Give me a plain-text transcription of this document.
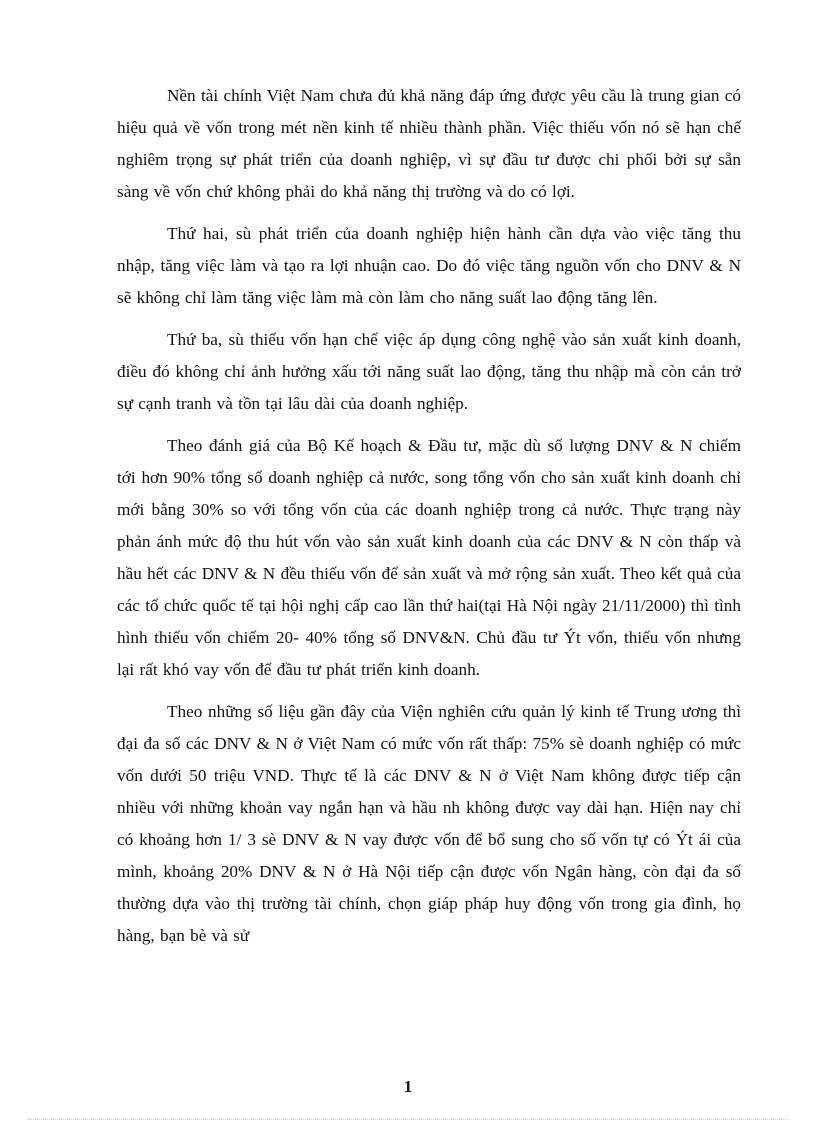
Nền tài chính Việt Nam chưa đủ khả năng đáp ứng được yêu cầu là trung gian có hiệu quả về vốn trong mét nền kinh tế nhiều thành phần. Việc thiếu vốn nó sẽ hạn chế nghiêm trọng sự phát triển của doanh nghiệp, vì sự đầu tư được chi phối bởi sự sẵn sàng về vốn chứ không phải do khả năng thị trường và do có lợi.

Thứ hai, sù phát triển của doanh nghiệp hiện hành cần dựa vào việc tăng thu nhập, tăng việc làm và tạo ra lợi nhuận cao. Do đó việc tăng nguồn vốn cho DNV & N sẽ không chỉ làm tăng việc làm mà còn làm cho năng suất lao động tăng lên.

Thứ ba, sù thiếu vốn hạn chế việc áp dụng công nghệ vào sản xuất kinh doanh, điều đó không chỉ ảnh hưởng xấu tới năng suất lao động, tăng thu nhập mà còn cản trở sự cạnh tranh và tồn tại lâu dài của doanh nghiệp.

Theo đánh giá của Bộ Kế hoạch & Đầu tư, mặc dù số lượng DNV & N chiếm tới hơn 90% tổng số doanh nghiệp cả nước, song tổng vốn cho sản xuất kinh doanh chỉ mới bằng 30% so với tổng vốn của các doanh nghiệp trong cả nước. Thực trạng này phản ánh mức độ thu hút vốn vào sản xuất kinh doanh của các DNV & N còn thấp và hầu hết các DNV & N đều thiếu vốn để sản xuất và mở rộng sản xuất. Theo kết quả của các tổ chức quốc tế tại hội nghị cấp cao lần thứ hai(tại Hà Nội ngày 21/11/2000) thì tình hình thiếu vốn chiếm 20- 40% tổng số DNV&N. Chủ đầu tư Ýt vốn, thiếu vốn nhưng lại rất khó vay vốn để đầu tư phát triển kinh doanh.

Theo những số liệu gần đây của Viện nghiên cứu quản lý kinh tế Trung ương thì đại đa số các DNV & N ở Việt Nam có mức vốn rất thấp: 75% sè doanh nghiệp có mức vốn dưới 50 triệu VND. Thực tế là các DNV & N ở Việt Nam không được tiếp cận nhiều với những khoản vay ngắn hạn và hầu nh không được vay dài hạn. Hiện nay chỉ có khoảng hơn 1/ 3 sè DNV & N vay được vốn để bổ sung cho số vốn tự có Ýt ái của mình, khoảng 20% DNV & N ở Hà Nội tiếp cận được vốn Ngân hàng, còn đại đa số thường dựa vào thị trường tài chính, chọn giáp pháp huy động vốn trong gia đình, họ hàng, bạn bè và sử

1
